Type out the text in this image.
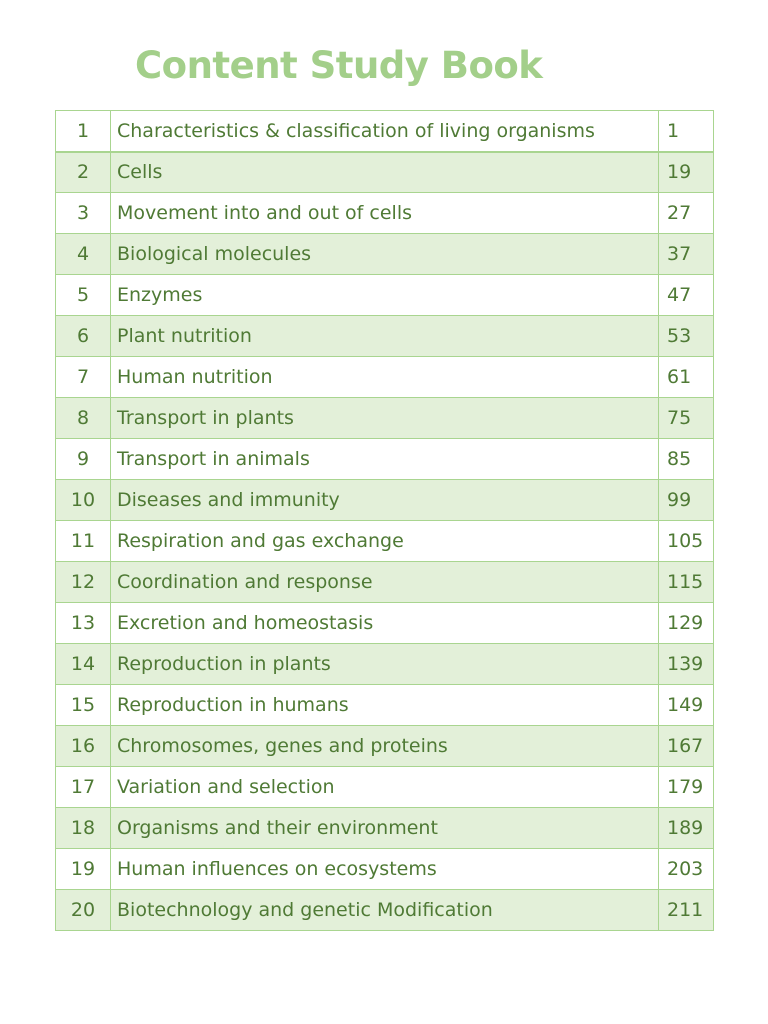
Content Study Book
1	Characteristics & classification of living organisms	1
2	Cells	19
3	Movement into and out of cells	27
4	Biological molecules	37
5	Enzymes	47
6	Plant nutrition	53
7	Human nutrition	61
8	Transport in plants	75
9	Transport in animals	85
10	Diseases and immunity	99
11	Respiration and gas exchange	105
12	Coordination and response	115
13	Excretion and homeostasis	129
14	Reproduction in plants	139
15	Reproduction in humans	149
16	Chromosomes, genes and proteins	167
17	Variation and selection	179
18	Organisms and their environment	189
19	Human influences on ecosystems	203
20	Biotechnology and genetic Modification	211
